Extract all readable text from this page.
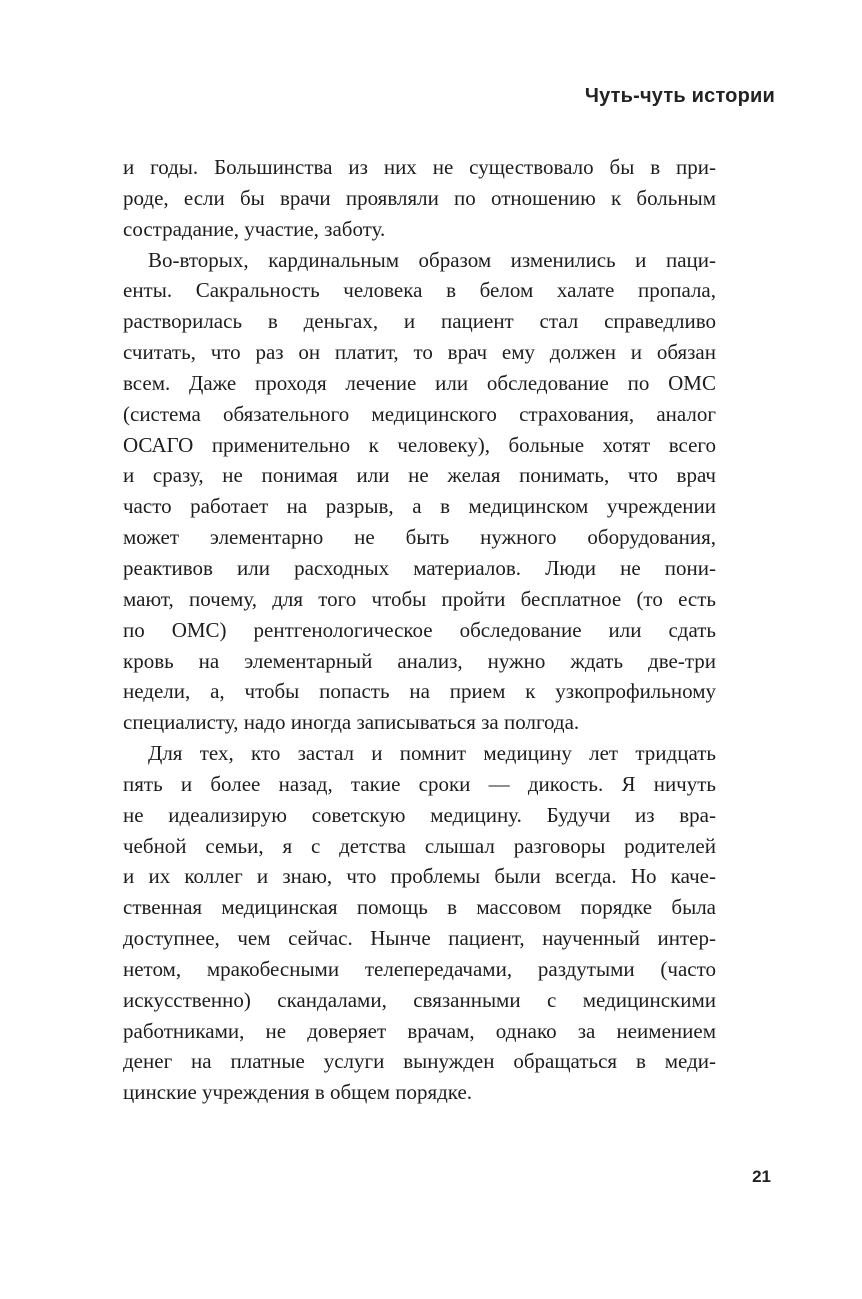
Чуть-чуть истории
и годы. Большинства из них не существовало бы в при-
роде, если бы врачи проявляли по отношению к больным
сострадание, участие, заботу.
Во-вторых, кардинальным образом изменились и паци-
енты. Сакральность человека в белом халате пропала,
растворилась в деньгах, и пациент стал справедливо
считать, что раз он платит, то врач ему должен и обязан
всем. Даже проходя лечение или обследование по ОМС
(система обязательного медицинского страхования, аналог
ОСАГО применительно к человеку), больные хотят всего
и сразу, не понимая или не желая понимать, что врач
часто работает на разрыв, а в медицинском учреждении
может элементарно не быть нужного оборудования,
реактивов или расходных материалов. Люди не пони-
мают, почему, для того чтобы пройти бесплатное (то есть
по ОМС) рентгенологическое обследование или сдать
кровь на элементарный анализ, нужно ждать две-три
недели, а, чтобы попасть на прием к узкопрофильному
специалисту, надо иногда записываться за полгода.
Для тех, кто застал и помнит медицину лет тридцать
пять и более назад, такие сроки — дикость. Я ничуть
не идеализирую советскую медицину. Будучи из вра-
чебной семьи, я с детства слышал разговоры родителей
и их коллег и знаю, что проблемы были всегда. Но каче-
ственная медицинская помощь в массовом порядке была
доступнее, чем сейчас. Нынче пациент, наученный интер-
нетом, мракобесными телепередачами, раздутыми (часто
искусственно) скандалами, связанными с медицинскими
работниками, не доверяет врачам, однако за неимением
денег на платные услуги вынужден обращаться в меди-
цинские учреждения в общем порядке.
21
